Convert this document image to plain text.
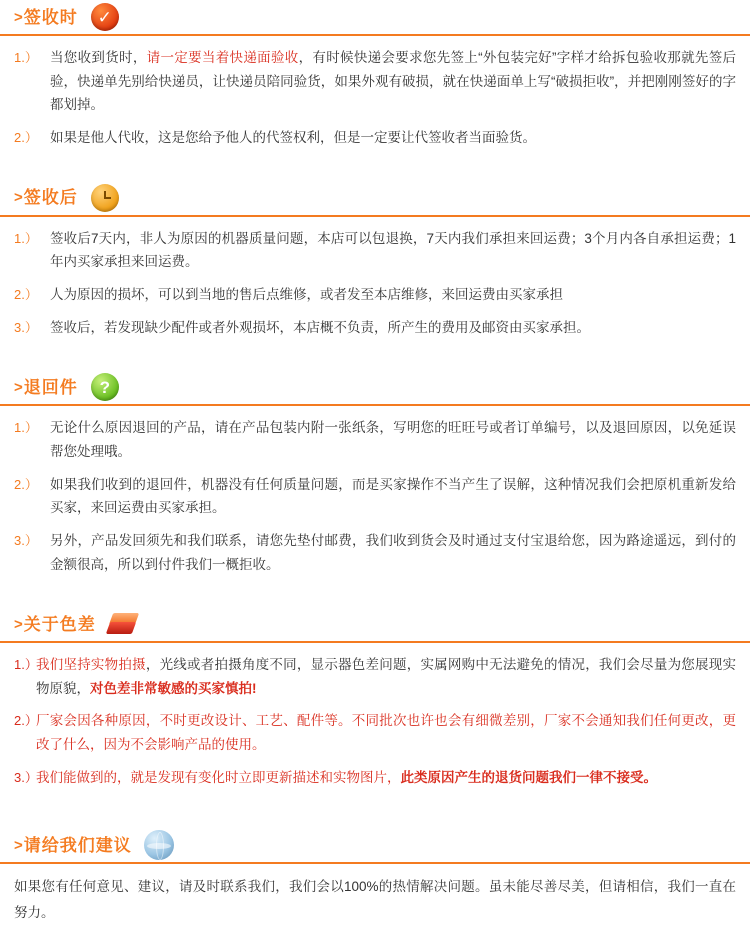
> 签收时 ✓
1.） 当您收到货时，请一定要当着快递面验收，有时候快递会要求您先签上“外包装完好”字样才给拆包验收那就先签后验，快递单先别给快递员，让快递员陪同验货，如果外观有破损，就在快递面单上写“破损拒收”，并把刚刚签好的字都划掉。
2.） 如果是他人代收，这是您给予他人的代签权利，但是一定要让代签收者当面验货。
> 签收后
1.） 签收后7天内，非人为原因的机器质量问题，本店可以包退换，7天内我们承担来回运费；3个月内各自承担运费；1年内买家承担来回运费。
2.） 人为原因的损坏，可以到当地的售后点维修，或者发至本店维修，来回运费由买家承担
3.） 签收后，若发现缺少配件或者外观损坏，本店概不负责，所产生的费用及邮资由买家承担。
> 退回件 ?
1.） 无论什么原因退回的产品，请在产品包装内附一张纸条，写明您的旺旺号或者订单编号，以及退回原因，以免延误帮您处理哦。
2.） 如果我们收到的退回件，机器没有任何质量问题，而是买家操作不当产生了误解，这种情况我们会把原机重新发给买家，来回运费由买家承担。
3.） 另外，产品发回须先和我们联系，请您先垫付邮费，我们收到货会及时通过支付宝退给您，因为路途遥远，到付的金额很高，所以到付件我们一概拒收。
> 关于色差
1.）
我们坚持实物拍摄，光线或者拍摄角度不同，显示器色差问题，实属网购中无法避免的情况，我们会尽量为您展现实物原貌，对色差非常敏感的买家慎拍!
2.）
厂家会因各种原因，不时更改设计、工艺、配件等。不同批次也许也会有细微差别，厂家不会通知我们任何更改，更改了什么，因为不会影响产品的使用。
3.）
我们能做到的，就是发现有变化时立即更新描述和实物图片，此类原因产生的退货问题我们一律不接受。
> 请给我们建议
如果您有任何意见、建议，请及时联系我们，我们会以100%的热情解决问题。虽未能尽善尽美，但请相信，我们一直在努力。
